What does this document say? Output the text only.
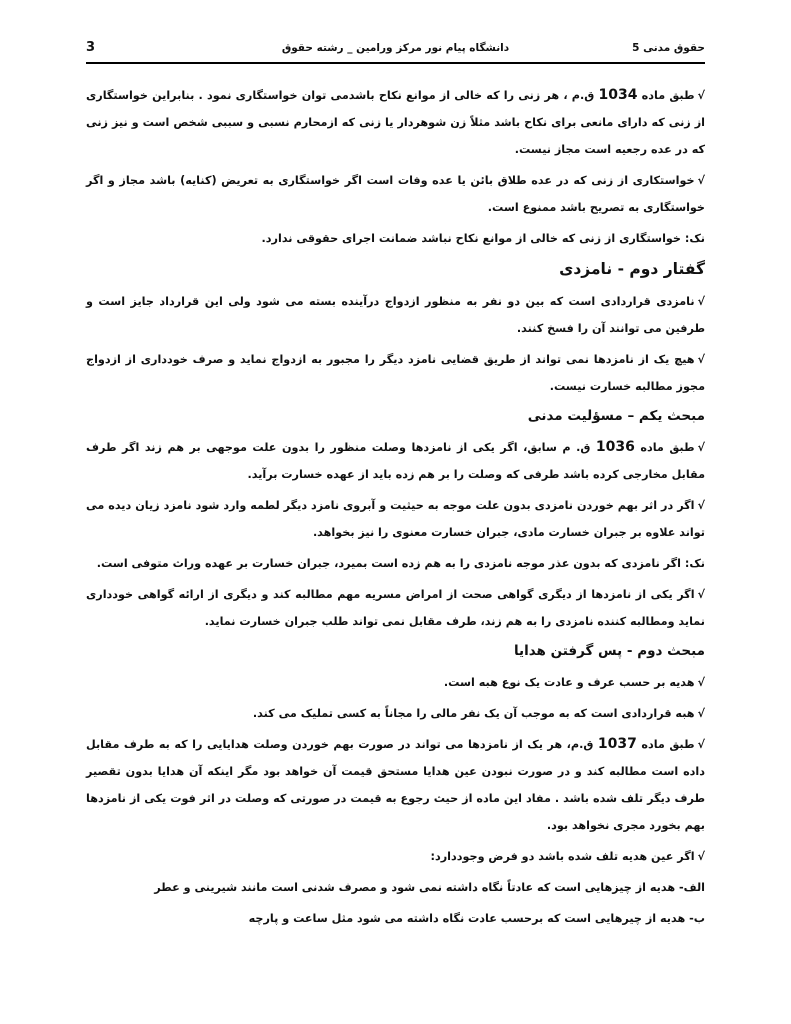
حقوق مدنی 5
دانشگاه پیام نور مرکز ورامین _ رشته حقوق
3

√طبق ماده 1034 ق.م ، هر زنی را که خالی از موانع نکاح باشدمی توان خواستگاری نمود . بنابراین خواستگاری از زنی که دارای مانعی برای نکاح باشد مثلاً زن شوهردار یا زنی که ازمحارم نسبی و سببی شخص است و نیز زنی که در عده رجعیه است مجاز نیست.

√خواستکاری از زنی که در عده طلاق بائن یا عده وفات است اگر خواستگاری به تعریض (کنایه) باشد مجاز و اگر خواستگاری به تصریح باشد ممنوع است.

نک: خواستگاری از زنی که خالی از موانع نکاح نباشد ضمانت اجرای حقوقی ندارد.

گفتار دوم - نامزدی

√نامزدی قراردادی است که بین دو نفر به منظور ازدواج درآینده بسته می شود ولی این قرارداد جایز است و طرفین می توانند آن را فسخ کنند.

√هیچ یک از نامزدها نمی تواند از طریق قضایی نامزد دیگر را مجبور به ازدواج نماید و صرف خودداری از ازدواج مجوز مطالبه خسارت نیست.

مبحث یکم – مسؤلیت مدنی

√طبق ماده 1036 ق. م سابق، اگر یکی از نامزدها وصلت منظور را بدون علت موجهی بر هم زند اگر طرف مقابل مخارجی کرده باشد طرفی که وصلت را بر هم زده باید از عهده خسارت برآید.

√اگر در اثر بهم خوردن نامزدی بدون علت موجه به حیثیت و آبروی نامزد دیگر لطمه وارد شود نامزد زیان دیده می تواند علاوه بر جبران خسارت مادی، جبران خسارت معنوی را نیز بخواهد.

نک: اگر نامزدی که بدون عذر موجه نامزدی را به هم زده است بمیرد، جبران خسارت بر عهده وراث متوفی است.

√اگر یکی از نامزدها از دیگری گواهی صحت از امراض مسریه مهم مطالبه کند و دیگری از ارائه گواهی خودداری نماید ومطالبه کننده نامزدی را به هم زند، طرف مقابل نمی تواند طلب جبران خسارت نماید.

مبحث دوم - پس گرفتن هدایا

√هدیه بر حسب عرف و عادت یک نوع هبه است.

√هبه قراردادی است که به موجب آن یک نفر مالی را مجاناً به کسی تملیک می کند.

√طبق ماده 1037 ق.م، هر یک از نامزدها می تواند در صورت بهم خوردن وصلت هدایایی را که به طرف مقابل داده است مطالبه کند و در صورت نبودن عین هدایا مستحق قیمت آن خواهد بود مگر اینکه آن هدایا بدون تقصیر طرف دیگر تلف شده باشد . مفاد این ماده از حیث رجوع به قیمت در صورتی که وصلت در اثر فوت یکی از نامزدها بهم بخورد مجری نخواهد بود.

√اگر عین هدیه تلف شده باشد دو فرض وجوددارد:

الف- هدیه از چیزهایی است که عادتاً نگاه داشته نمی شود و مصرف شدنی است مانند شیرینی و عطر

ب- هدیه از چیرهایی است که برحسب عادت نگاه داشته می شود مثل ساعت و پارچه
